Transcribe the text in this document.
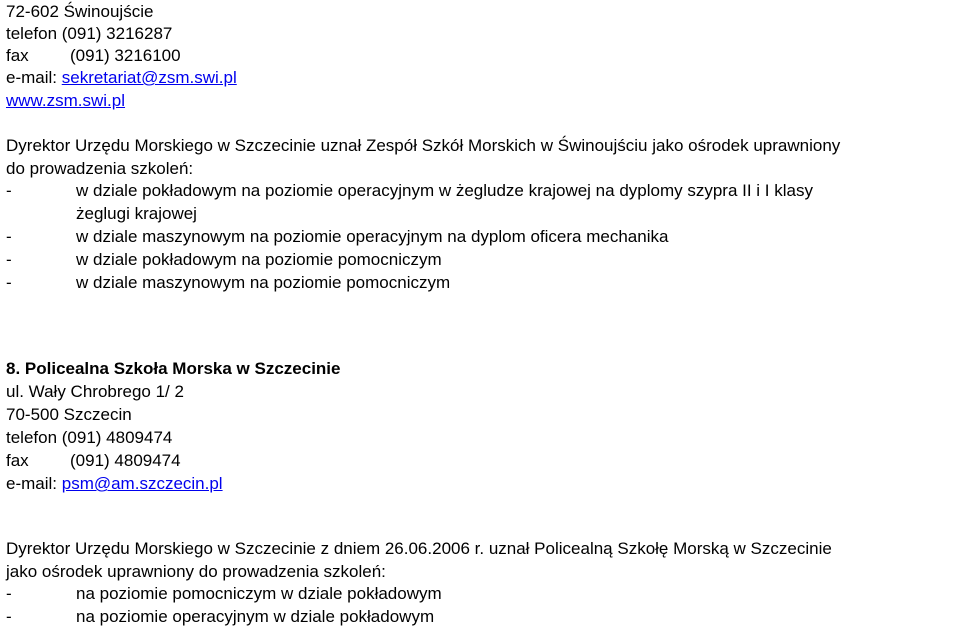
72-602 Świnoujście
telefon (091) 3216287
fax (091) 3216100
e-mail: sekretariat@zsm.swi.pl
www.zsm.swi.pl
Dyrektor Urzędu Morskiego w Szczecinie uznał Zespół Szkół Morskich w Świnoujściu jako ośrodek uprawniony
do prowadzenia szkoleń:
-	w dziale pokładowym na poziomie operacyjnym w żegludze krajowej na dyplomy szypra II i I klasy
żeglugi krajowej
-	w dziale maszynowym na poziomie operacyjnym na dyplom oficera mechanika
-	w dziale pokładowym na poziomie pomocniczym
-	w dziale maszynowym na poziomie pomocniczym
8. Policealna Szkoła Morska w Szczecinie
ul. Wały Chrobrego 1/ 2
70-500 Szczecin
telefon (091) 4809474
fax (091) 4809474
e-mail: psm@am.szczecin.pl
Dyrektor Urzędu Morskiego w Szczecinie z dniem 26.06.2006 r. uznał Policealną Szkołę Morską w Szczecinie
jako ośrodek uprawniony do prowadzenia szkoleń:
-	na poziomie pomocniczym w dziale pokładowym
-	na poziomie operacyjnym w dziale pokładowym
